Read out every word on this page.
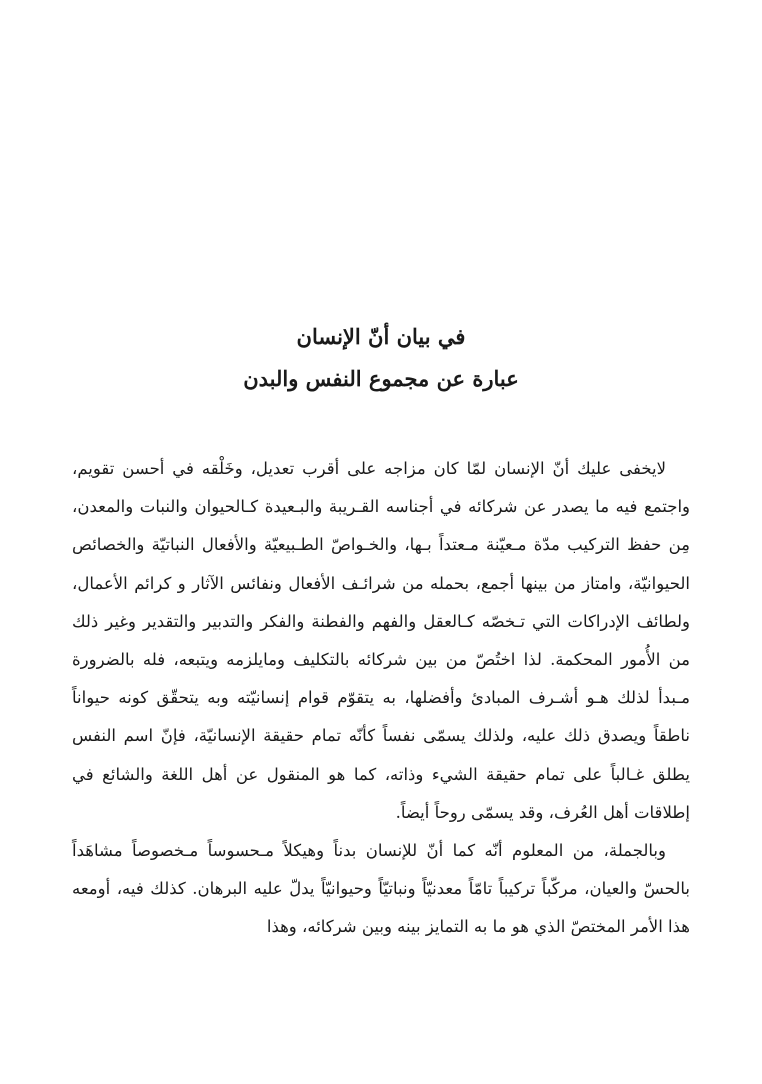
في بيان أنّ الإنسان
عبارة عن مجموع النفس والبدن

لايخفى عليك أنّ الإنسان لمّا كان مزاجه على أقرب تعديل، وخَلْقه في أحسن تقويم، واجتمع فيه ما يصدر عن شركائه في أجناسه القـريبة والبـعيدة كـالحيوان والنبات والمعدن، مِن حفظ التركيب مدّة مـعيّنة مـعتداً بـها، والخـواصّ الطـبيعيّة والأفعال النباتيّة والخصائص الحيوانيّة، وامتاز من بينها أجمع، بحمله من شرائـف الأفعال ونفائس الآثار و كرائم الأعمال، ولطائف الإدراكات التي تـخصّه كـالعقل والفهم والفطنة والفكر والتدبير والتقدير وغير ذلك من الأُمور المحكمة. لذا اختُصّ من بين شركائه بالتكليف ومايلزمه ويتبعه، فله بالضرورة مـبدأ لذلك هـو أشـرف المبادئ وأفضلها، به يتقوّم قوام إنسانيّته وبه يتحقّق كونه حيواناً ناطقاً ويصدق ذلك عليه، ولذلك يسمّى نفساً كأنّه تمام حقيقة الإنسانيّة، فإنّ اسم النفس يطلق غـالباً على تمام حقيقة الشيء وذاته، كما هو المنقول عن أهل اللغة والشائع في إطلاقات أهل العُرف، وقد يسمّى روحاً أيضاً.

وبالجملة، من المعلوم أنّه كما أنّ للإنسان بدناً وهيكلاً مـحسوساً مـخصوصاً مشاهَداً بالحسّ والعيان، مركّباً تركيباً تامّاً معدنيّاً ونباتيّاً وحيوانيّاً يدلّ عليه البرهان. كذلك فيه، أومعه هذا الأمر المختصّ الذي هو ما به التمايز بينه وبين شركائه، وهذا
